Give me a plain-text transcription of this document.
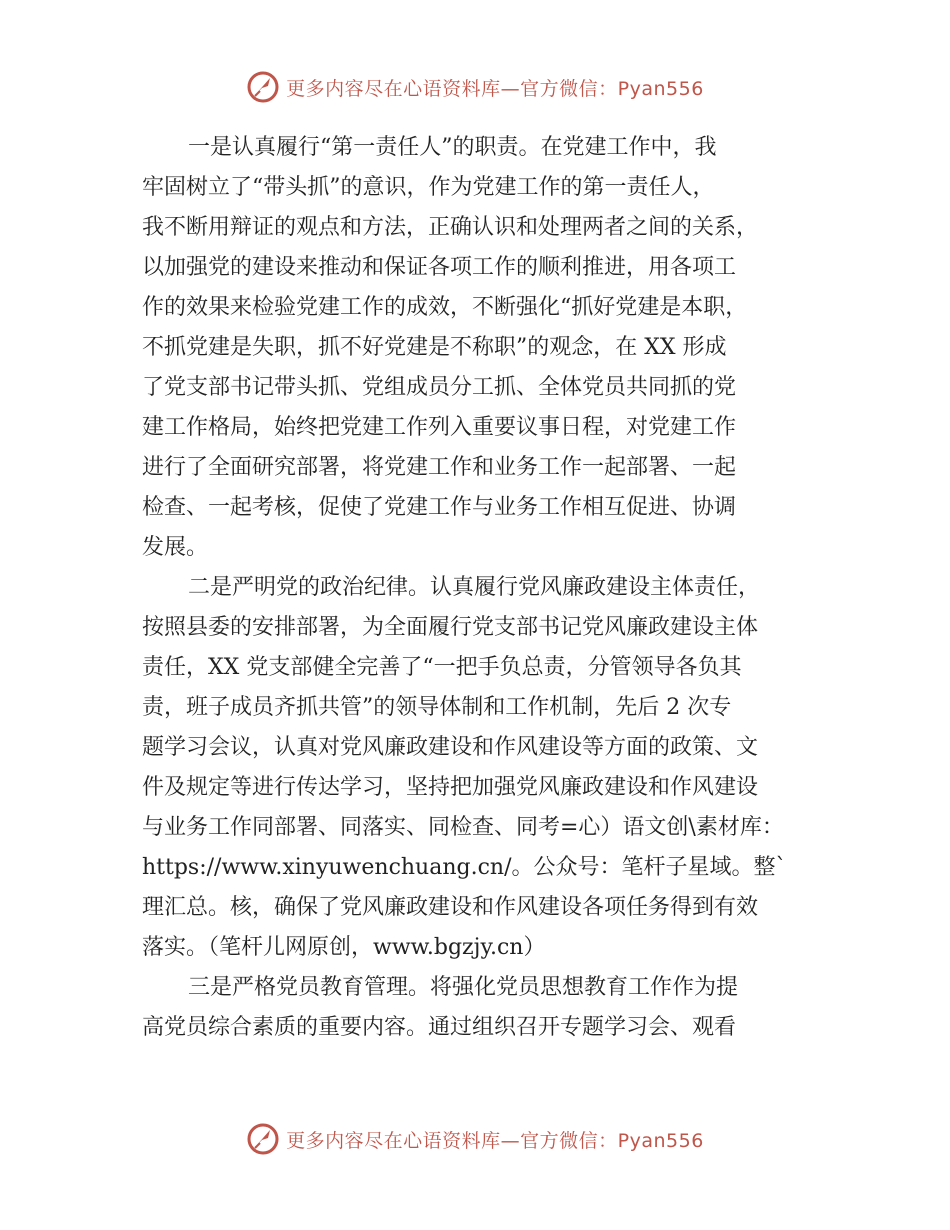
更多内容尽在心语资料库—官方微信：Pyan556
一是认真履行“第一责任人”的职责。在党建工作中，我
牢固树立了“带头抓”的意识，作为党建工作的第一责任人，
我不断用辩证的观点和方法，正确认识和处理两者之间的关系，
以加强党的建设来推动和保证各项工作的顺利推进，用各项工
作的效果来检验党建工作的成效，不断强化“抓好党建是本职，
不抓党建是失职，抓不好党建是不称职”的观念，在 XX 形成
了党支部书记带头抓、党组成员分工抓、全体党员共同抓的党
建工作格局，始终把党建工作列入重要议事日程，对党建工作
进行了全面研究部署，将党建工作和业务工作一起部署、一起
检查、一起考核，促使了党建工作与业务工作相互促进、协调
发展。
二是严明党的政治纪律。认真履行党风廉政建设主体责任，
按照县委的安排部署，为全面履行党支部书记党风廉政建设主体
责任，XX 党支部健全完善了“一把手负总责，分管领导各负其
责，班子成员齐抓共管”的领导体制和工作机制，先后 2 次专
题学习会议，认真对党风廉政建设和作风建设等方面的政策、文
件及规定等进行传达学习，坚持把加强党风廉政建设和作风建设
与业务工作同部署、同落实、同检查、同考=心）语文创\素材库：
https://www.xinyuwenchuang.cn/。公众号：笔杆子星域。整`
理汇总。核，确保了党风廉政建设和作风建设各项任务得到有效
落实。（笔杆儿网原创，www.bgzjy.cn）
三是严格党员教育管理。将强化党员思想教育工作作为提
高党员综合素质的重要内容。通过组织召开专题学习会、观看
更多内容尽在心语资料库—官方微信：Pyan556
